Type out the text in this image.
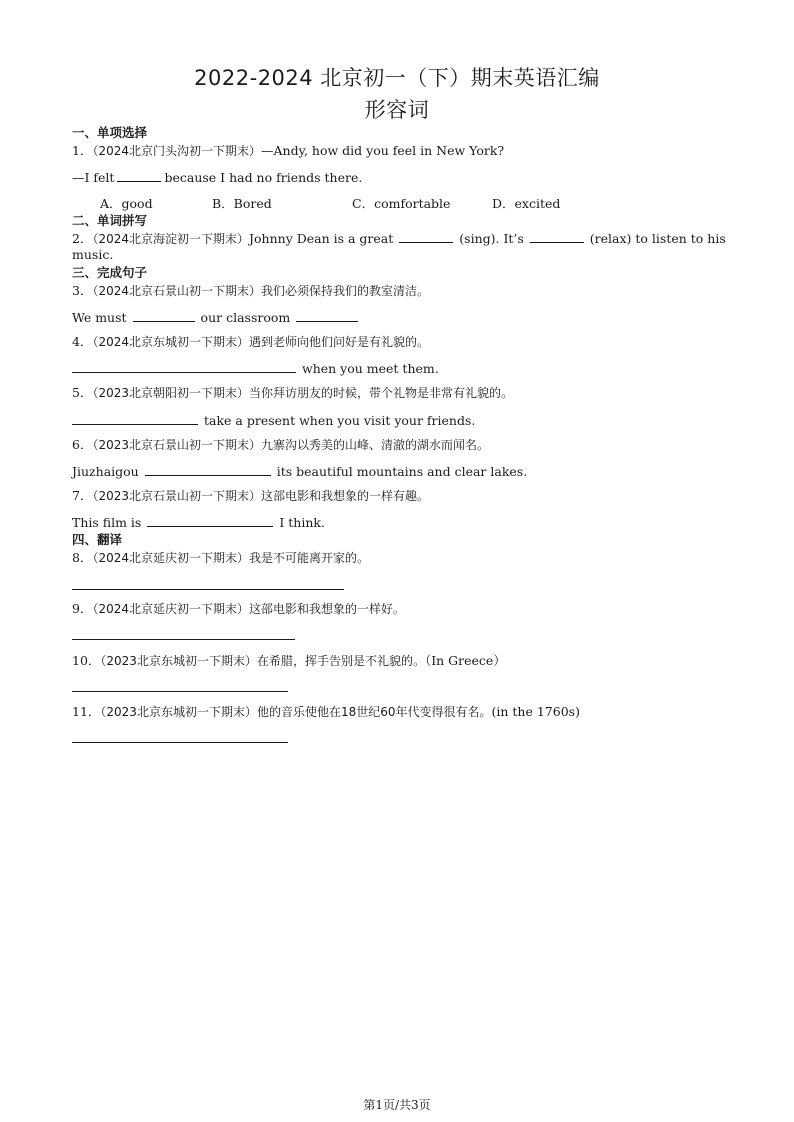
2022-2024 北京初一（下）期末英语汇编
形容词
一、单项选择
1．（2024北京门头沟初一下期末）—Andy, how did you feel in New York?
—I felt	because I had no friends there.
A．good	B．Bored	C．comfortable	D．excited
二、单词拼写
2．（2024北京海淀初一下期末）Johnny Dean is a great	(sing). It’s	(relax) to listen to his
music.
三、完成句子
3．（2024北京石景山初一下期末）我们必须保持我们的教室清洁。
We must	our classroom
4．（2024北京东城初一下期末）遇到老师向他们问好是有礼貌的。
when you meet them.
5．（2023北京朝阳初一下期末）当你拜访朋友的时候，带个礼物是非常有礼貌的。
take a present when you visit your friends.
6．（2023北京石景山初一下期末）九寨沟以秀美的山峰、清澈的湖水而闻名。
Jiuzhaigou	its beautiful mountains and clear lakes.
7．（2023北京石景山初一下期末）这部电影和我想象的一样有趣。
This film is	I think.
四、翻译
8．（2024北京延庆初一下期末）我是不可能离开家的。
9．（2024北京延庆初一下期末）这部电影和我想象的一样好。
10．（2023北京东城初一下期末）在希腊，挥手告别是不礼貌的。（In Greece）
11．（2023北京东城初一下期末）他的音乐使他在18世纪60年代变得很有名。(in the 1760s)
第1页/共3页
